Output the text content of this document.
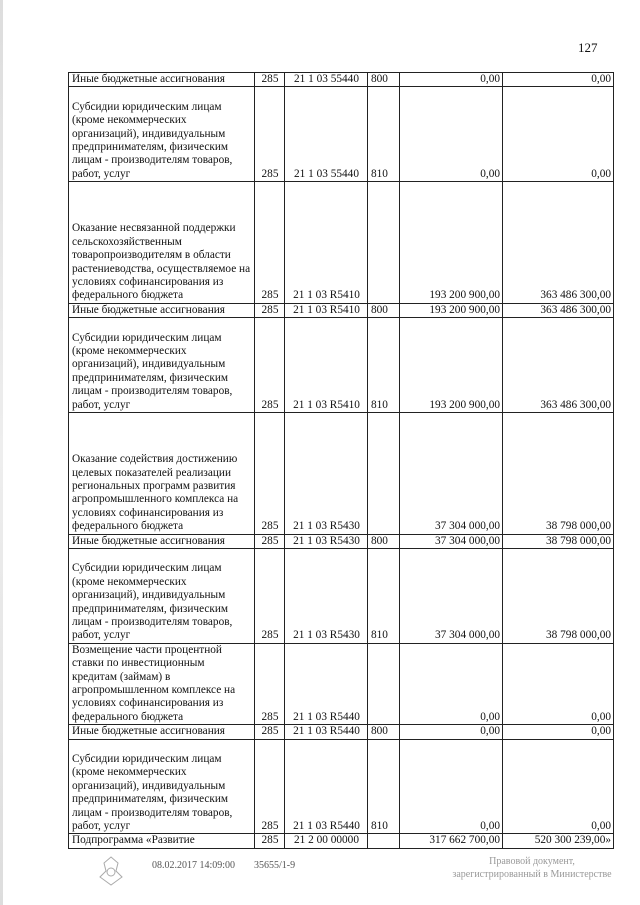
127
Иные бюджетные ассигнования	285	21 1 03 55440	800	0,00	0,00
Субсидии юридическим лицам (кроме некоммерческих организаций), индивидуальным предпринимателям, физическим лицам - производителям товаров, работ, услуг	285	21 1 03 55440	810	0,00	0,00
Оказание несвязанной поддержки сельскохозяйственным товаропроизводителям в области растениеводства, осуществляемое на условиях софинансирования из федерального бюджета	285	21 1 03 R5410		193 200 900,00	363 486 300,00
Иные бюджетные ассигнования	285	21 1 03 R5410	800	193 200 900,00	363 486 300,00
Субсидии юридическим лицам (кроме некоммерческих организаций), индивидуальным предпринимателям, физическим лицам - производителям товаров, работ, услуг	285	21 1 03 R5410	810	193 200 900,00	363 486 300,00
Оказание содействия достижению целевых показателей реализации региональных программ развития агропромышленного комплекса на условиях софинансирования из федерального бюджета	285	21 1 03 R5430		37 304 000,00	38 798 000,00
Иные бюджетные ассигнования	285	21 1 03 R5430	800	37 304 000,00	38 798 000,00
Субсидии юридическим лицам (кроме некоммерческих организаций), индивидуальным предпринимателям, физическим лицам - производителям товаров, работ, услуг	285	21 1 03 R5430	810	37 304 000,00	38 798 000,00
Возмещение части процентной ставки по инвестиционным кредитам (займам) в агропромышленном комплексе на условиях софинансирования из федерального бюджета	285	21 1 03 R5440		0,00	0,00
Иные бюджетные ассигнования	285	21 1 03 R5440	800	0,00	0,00
Субсидии юридическим лицам (кроме некоммерческих организаций), индивидуальным предпринимателям, физическим лицам - производителям товаров, работ, услуг	285	21 1 03 R5440	810	0,00	0,00
Подпрограмма «Развитие	285	21 2 00 00000		317 662 700,00	520 300 239,00»
08.02.2017 14:09:00 35655/1-9	Правовой документ, зарегистрированный в Министерстве
